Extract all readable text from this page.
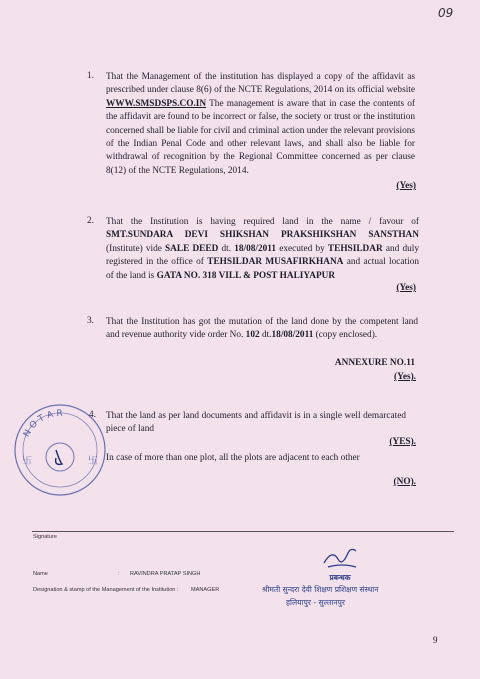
09
1. That the Management of the institution has displayed a copy of the affidavit as prescribed under clause 8(6) of the NCTE Regulations, 2014 on its official website WWW.SMSDSPS.CO.IN The management is aware that in case the contents of the affidavit are found to be incorrect or false, the society or trust or the institution concerned shall be liable for civil and criminal action under the relevant provisions of the Indian Penal Code and other relevant laws, and shall also be liable for withdrawal of recognition by the Regional Committee concerned as per clause 8(12) of the NCTE Regulations, 2014.
(Yes)
2. That the Institution is having required land in the name / favour of SMT.SUNDARA DEVI SHIKSHAN PRAKSHIKSHAN SANSTHAN (Institute) vide SALE DEED dt. 18/08/2011 executed by TEHSILDAR and duly registered in the office of TEHSILDAR MUSAFIRKHANA and actual location of the land is GATA NO. 318 VILL & POST HALIYAPUR
(Yes)
3. That the Institution has got the mutation of the land done by the competent land and revenue authority vide order No. 102 dt.18/08/2011 (copy enclosed).
ANNEXURE NO.11
(Yes).
4. That the land as per land documents and affidavit is in a single well demarcated piece of land
(YES).
In case of more than one plot, all the plots are adjacent to each other
(NO).
N O T A R
卐	卐
Signature
Name	: RAVINDRA PRATAP SINGH
Designation & stamp of the Management of the Institution : MANAGER
प्रबन्धक
श्रीमती सुन्दरा देवी शिक्षण प्रशिक्षण संस्थान
हलियापुर - सुल्तानपुर
9
